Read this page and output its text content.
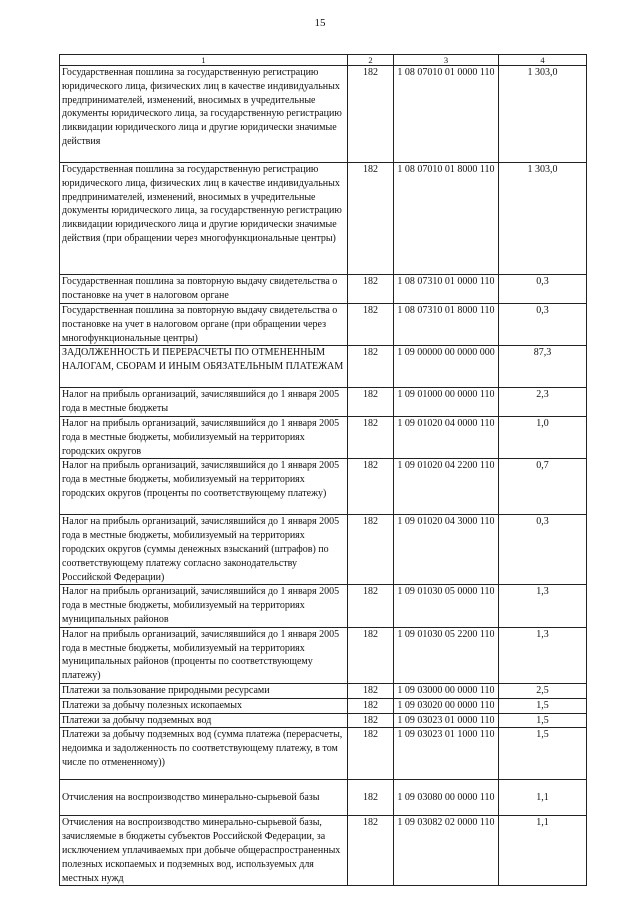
15
1	2	3	4
Государственная пошлина за государственную регистрацию юридического лица, физических лиц в качестве индивидуальных предпринимателей, изменений, вносимых в учредительные документы юридического лица, за государственную регистрацию ликвидации юридического лица и другие юридически значимые действия	182	1 08 07010 01 0000 110	1 303,0
Государственная пошлина за государственную регистрацию юридического лица, физических лиц в качестве индивидуальных предпринимателей, изменений, вносимых в учредительные документы юридического лица, за государственную регистрацию ликвидации юридического лица и другие юридически значимые действия (при обращении через многофункциональные центры)	182	1 08 07010 01 8000 110	1 303,0
Государственная пошлина за повторную выдачу свидетельства о постановке на учет в налоговом органе	182	1 08 07310 01 0000 110	0,3
Государственная пошлина за повторную выдачу свидетельства о постановке на учет в налоговом органе (при обращении через многофункциональные центры)	182	1 08 07310 01 8000 110	0,3
ЗАДОЛЖЕННОСТЬ И ПЕРЕРАСЧЕТЫ ПО ОТМЕНЕННЫМ НАЛОГАМ, СБОРАМ И ИНЫМ ОБЯЗАТЕЛЬНЫМ ПЛАТЕЖАМ	182	1 09 00000 00 0000 000	87,3
Налог на прибыль организаций, зачислявшийся до 1 января 2005 года в местные бюджеты	182	1 09 01000 00 0000 110	2,3
Налог на прибыль организаций, зачислявшийся до 1 января 2005 года в местные бюджеты, мобилизуемый на территориях городских округов	182	1 09 01020 04 0000 110	1,0
Налог на прибыль организаций, зачислявшийся до 1 января 2005 года в местные бюджеты, мобилизуемый на территориях городских округов (проценты по соответствующему платежу)	182	1 09 01020 04 2200 110	0,7
Налог на прибыль организаций, зачислявшийся до 1 января 2005 года в местные бюджеты, мобилизуемый на территориях городских округов (суммы денежных взысканий (штрафов) по соответствующему платежу согласно законодательству Российской Федерации)	182	1 09 01020 04 3000 110	0,3
Налог на прибыль организаций, зачислявшийся до 1 января 2005 года в местные бюджеты, мобилизуемый на территориях муниципальных районов	182	1 09 01030 05 0000 110	1,3
Налог на прибыль организаций, зачислявшийся до 1 января 2005 года в местные бюджеты, мобилизуемый на территориях муниципальных районов (проценты по соответствующему платежу)	182	1 09 01030 05 2200 110	1,3
Платежи за пользование природными ресурсами	182	1 09 03000 00 0000 110	2,5
Платежи за добычу полезных ископаемых	182	1 09 03020 00 0000 110	1,5
Платежи за добычу подземных вод	182	1 09 03023 01 0000 110	1,5
Платежи за добычу подземных вод (сумма платежа (перерасчеты, недоимка и задолженность по соответствующему платежу, в том числе по отмененному))	182	1 09 03023 01 1000 110	1,5
Отчисления на воспроизводство минерально-сырьевой базы	182	1 09 03080 00 0000 110	1,1
Отчисления на воспроизводство минерально-сырьевой базы, зачисляемые в бюджеты субъектов Российской Федерации, за исключением уплачиваемых при добыче общераспространенных полезных ископаемых и подземных вод, используемых для местных нужд	182	1 09 03082 02 0000 110	1,1
